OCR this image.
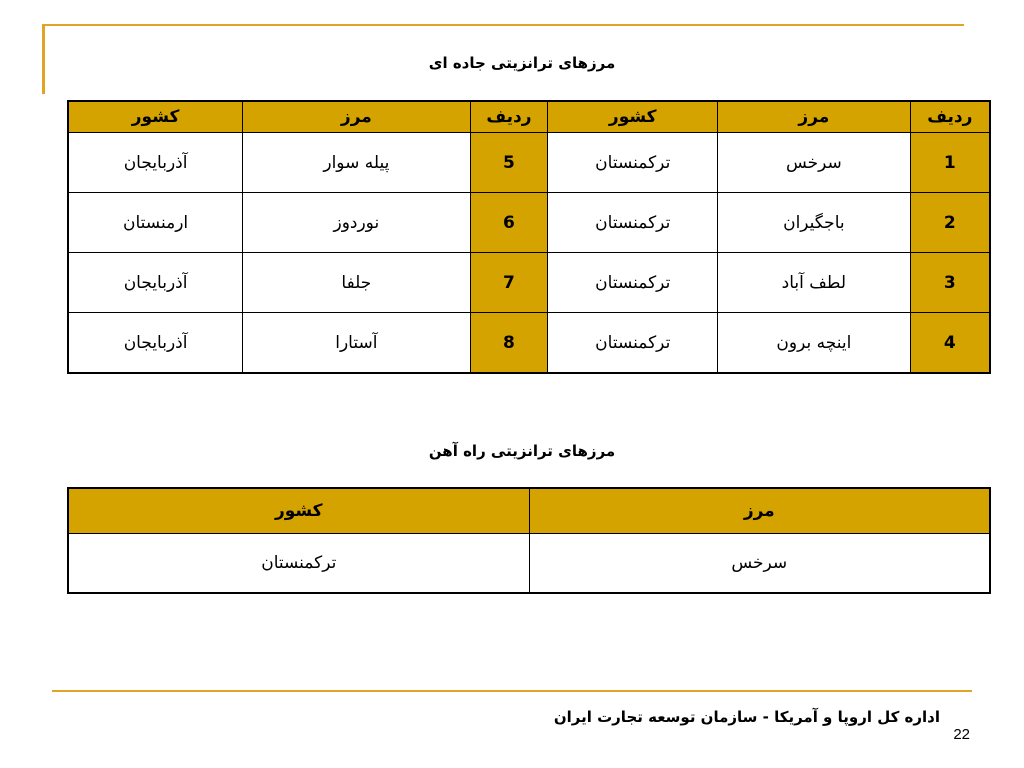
مرزهای ترانزیتی جاده ای
ردیف	مرز	کشور	ردیف	مرز	کشور
1	سرخس	ترکمنستان	5	پیله سوار	آذربایجان
2	باجگیران	ترکمنستان	6	نوردوز	ارمنستان
3	لطف آباد	ترکمنستان	7	جلفا	آذربایجان
4	اینچه برون	ترکمنستان	8	آستارا	آذربایجان
مرزهای ترانزیتی راه آهن
مرز	کشور
سرخس	ترکمنستان
اداره کل اروپا و آمریکا - سازمان توسعه تجارت ایران
22
